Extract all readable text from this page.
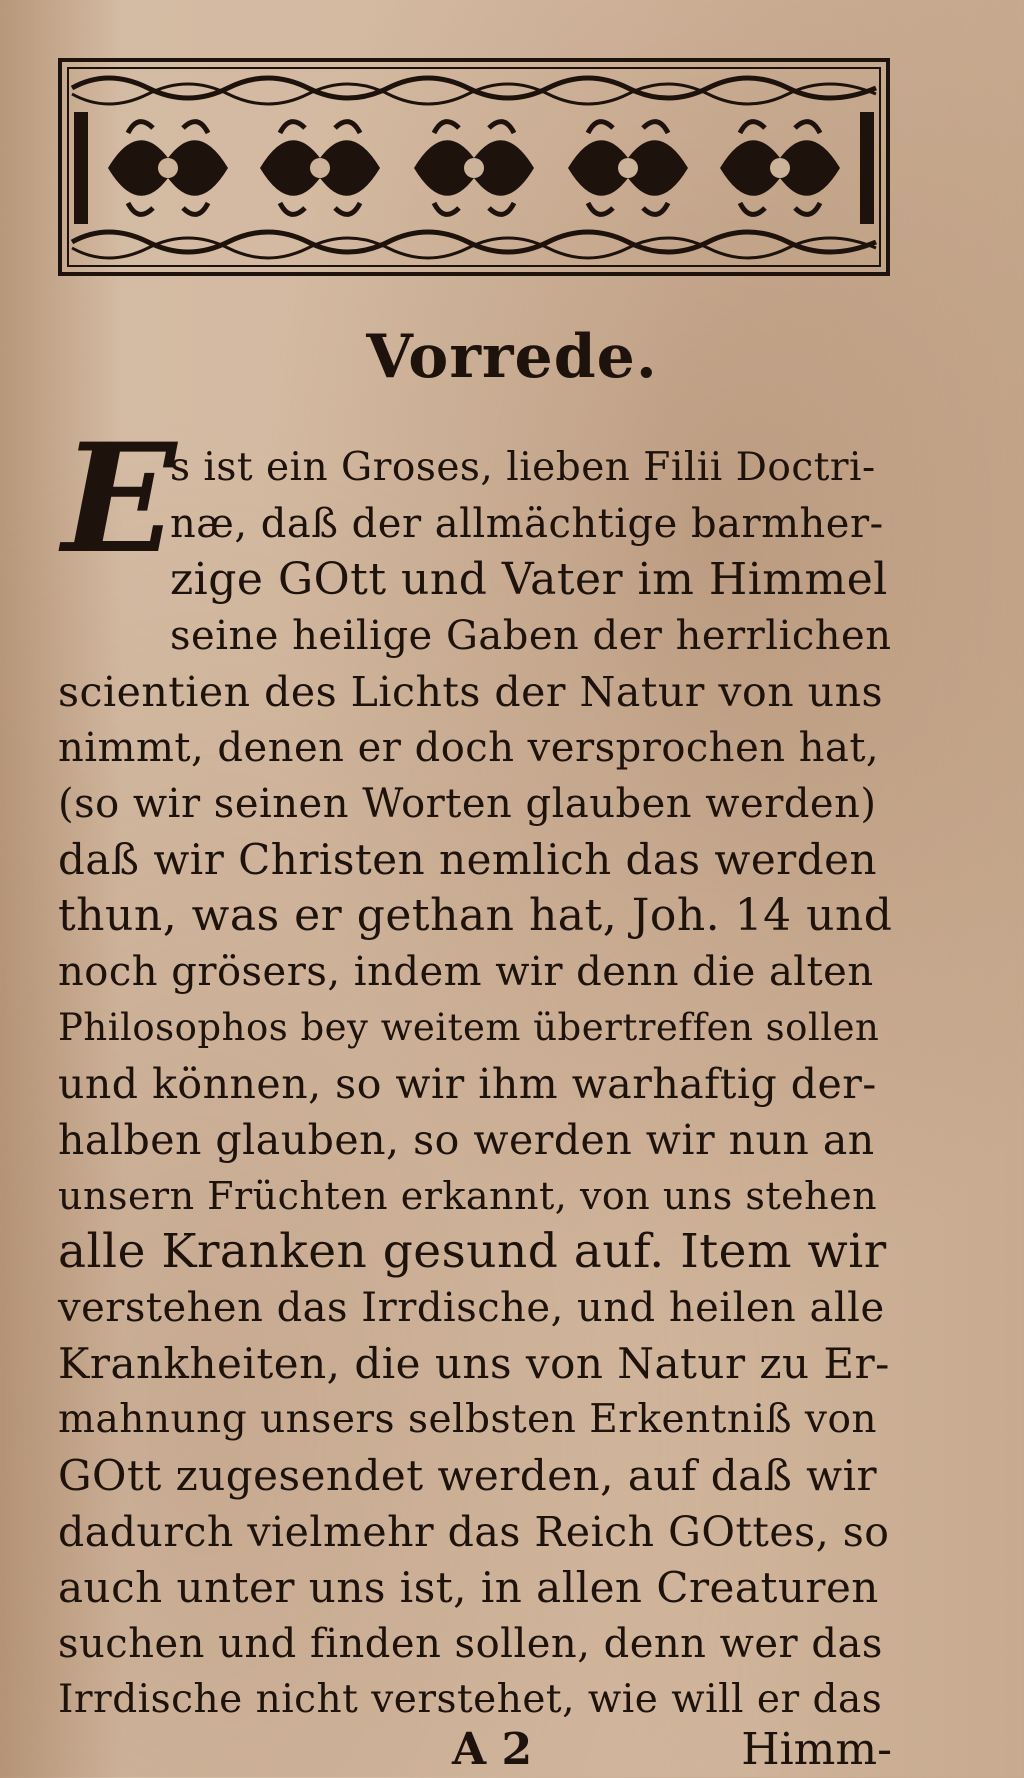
Vorrede.
E
s ist ein Groses, lieben Filii Doctri-
næ, daß der allmächtige barmher-
zige GOtt und Vater im Himmel
seine heilige Gaben der herrlichen
scientien des Lichts der Natur von uns
nimmt, denen er doch versprochen hat,
(so wir seinen Worten glauben werden)
daß wir Christen nemlich das werden
thun, was er gethan hat, Joh. 14 und
noch grösers, indem wir denn die alten
Philosophos bey weitem übertreffen sollen
und können, so wir ihm warhaftig der-
halben glauben, so werden wir nun an
unsern Früchten erkannt, von uns stehen
alle Kranken gesund auf. Item wir
verstehen das Irrdische, und heilen alle
Krankheiten, die uns von Natur zu Er-
mahnung unsers selbsten Erkentniß von
GOtt zugesendet werden, auf daß wir
dadurch vielmehr das Reich GOttes, so
auch unter uns ist, in allen Creaturen
suchen und finden sollen, denn wer das
Irrdische nicht verstehet, wie will er das
A 2	Himm-
